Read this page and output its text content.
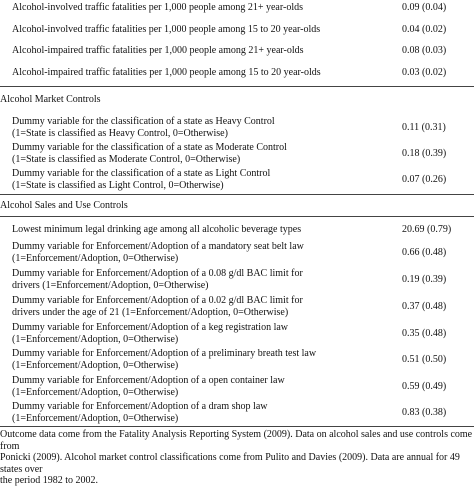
Alcohol-involved traffic fatalities per 1,000 people among 21+ year-olds	0.09 (0.04)
Alcohol-involved traffic fatalities per 1,000 people among 15 to 20 year-olds	0.04 (0.02)
Alcohol-impaired traffic fatalities per 1,000 people among 21+ year-olds	0.08 (0.03)
Alcohol-impaired traffic fatalities per 1,000 people among 15 to 20 year-olds	0.03 (0.02)
Alcohol Market Controls
Dummy variable for the classification of a state as Heavy Control
(1=State is classified as Heavy Control, 0=Otherwise)
0.11 (0.31)
Dummy variable for the classification of a state as Moderate Control
(1=State is classified as Moderate Control, 0=Otherwise)
0.18 (0.39)
Dummy variable for the classification of a state as Light Control
(1=State is classified as Light Control, 0=Otherwise)
0.07 (0.26)
Alcohol Sales and Use Controls
Lowest minimum legal drinking age among all alcoholic beverage types	20.69 (0.79)
Dummy variable for Enforcement/Adoption of a mandatory seat belt law
(1=Enforcement/Adoption, 0=Otherwise)
0.66 (0.48)
Dummy variable for Enforcement/Adoption of a 0.08 g/dl BAC limit for
drivers (1=Enforcement/Adoption, 0=Otherwise)
0.19 (0.39)
Dummy variable for Enforcement/Adoption of a 0.02 g/dl BAC limit for
drivers under the age of 21 (1=Enforcement/Adoption, 0=Otherwise)
0.37 (0.48)
Dummy variable for Enforcement/Adoption of a keg registration law
(1=Enforcement/Adoption, 0=Otherwise)
0.35 (0.48)
Dummy variable for Enforcement/Adoption of a preliminary breath test law
(1=Enforcement/Adoption, 0=Otherwise)
0.51 (0.50)
Dummy variable for Enforcement/Adoption of a open container law
(1=Enforcement/Adoption, 0=Otherwise)
0.59 (0.49)
Dummy variable for Enforcement/Adoption of a dram shop law
(1=Enforcement/Adoption, 0=Otherwise)
0.83 (0.38)
Outcome data come from the Fatality Analysis Reporting System (2009). Data on alcohol sales and use controls come from
Ponicki (2009). Alcohol market control classifications come from Pulito and Davies (2009). Data are annual for 49 states over
the period 1982 to 2002.
